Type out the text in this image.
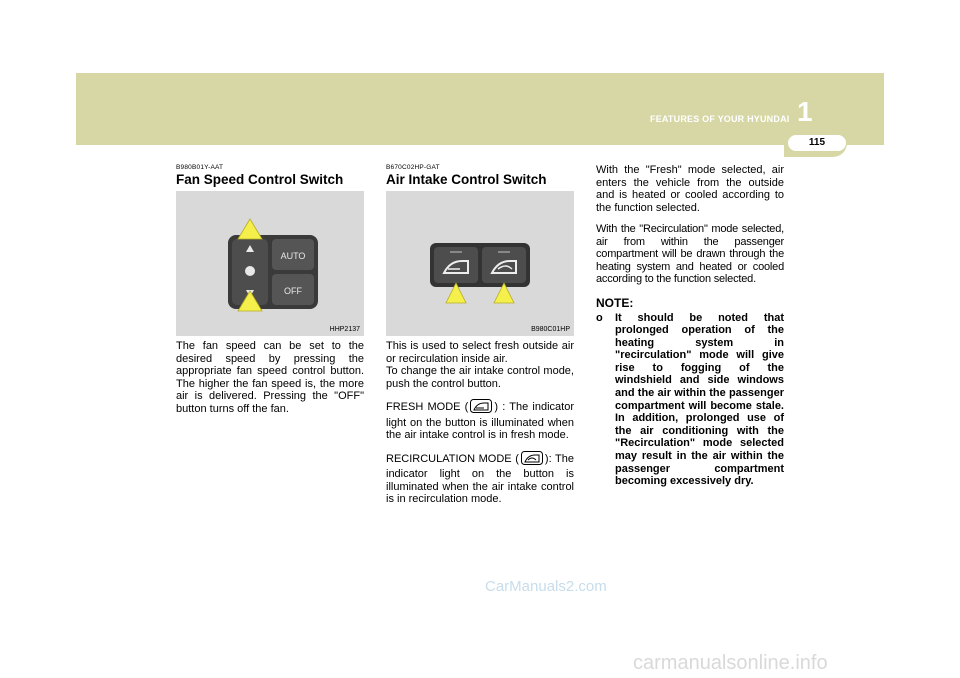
FEATURES OF YOUR HYUNDAI 1
115
B980B01Y-AAT
Fan Speed Control Switch
AUTO
OFF
HHP2137

The fan speed can be set to the desired speed by pressing the appropriate fan speed control button. The higher the fan speed is, the more air is delivered. Pressing the "OFF" button turns off the fan.

B670C02HP-GAT
Air Intake Control Switch
B980C01HP

This is used to select fresh outside air or recirculation inside air.

To change the air intake control mode, push the control button.

FRESH MODE ( ) : The indicator light on the button is illuminated when the air intake control is in fresh mode.

RECIRCULATION MODE ( ): The indicator light on the button is illuminated when the air intake control is in recirculation mode.

With the "Fresh" mode selected, air enters the vehicle from the outside and is heated or cooled according to the function selected.

With the "Recirculation" mode selected, air from within the passenger compartment will be drawn through the heating system and heated or cooled according to the function selected.

NOTE:
o It should be noted that prolonged operation of the heating system in "recirculation" mode will give rise to fogging of the windshield and side windows and the air within the passenger compartment will become stale. In addition, prolonged use of the air conditioning with the "Recirculation" mode selected may result in the air within the passenger compartment becoming excessively dry.
CarManuals2.com
carmanualsonline.info
